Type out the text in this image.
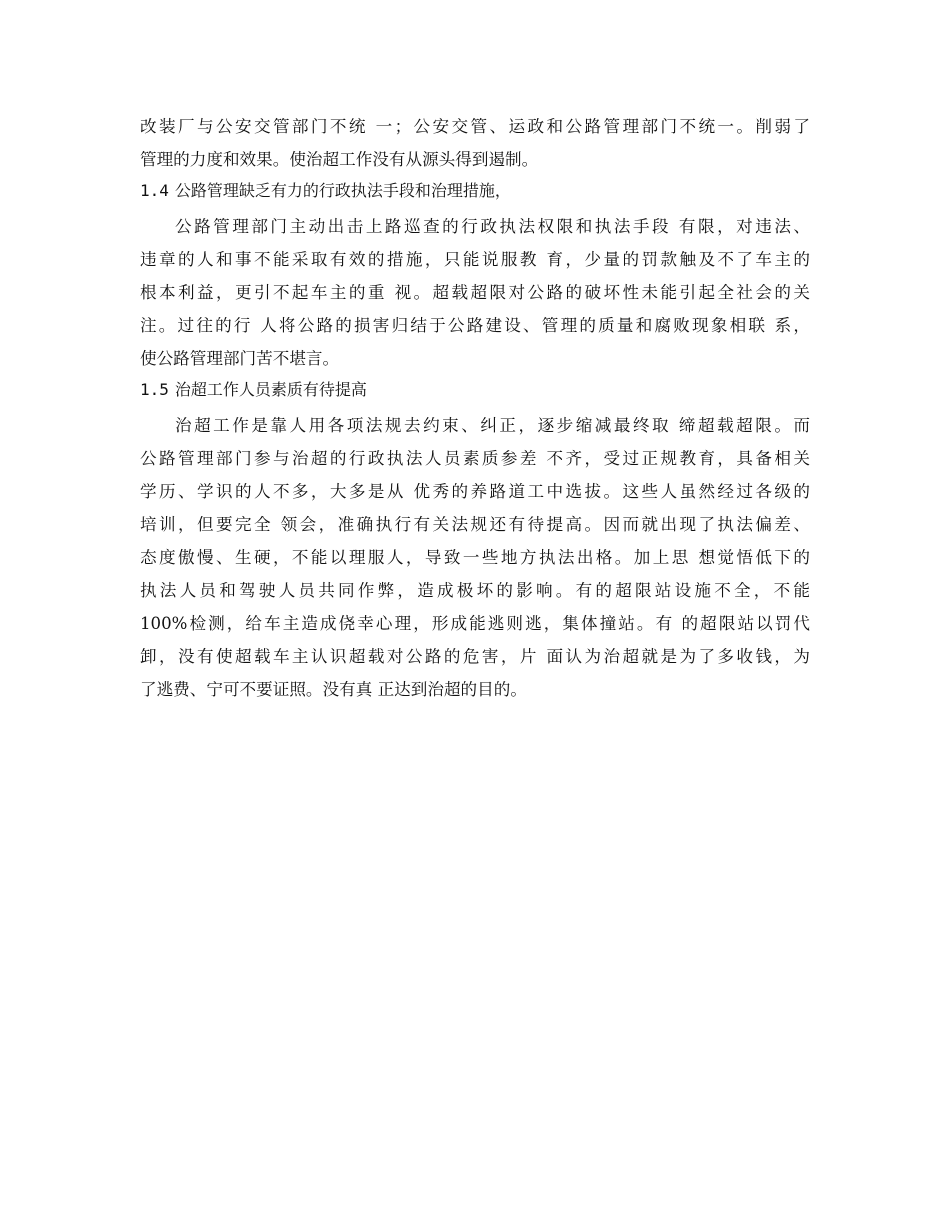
改装厂与公安交管部门不统 一；公安交管、运政和公路管理部门不统一。削弱了
管理的力度和效果。使治超工作没有从源头得到遏制。
1.4 公路管理缺乏有力的行政执法手段和治理措施，
公路管理部门主动出击上路巡查的行政执法权限和执法手段 有限，对违法、
违章的人和事不能采取有效的措施，只能说服教 育，少量的罚款触及不了车主的
根本利益，更引不起车主的重 视。超载超限对公路的破坏性未能引起全社会的关
注。过往的行 人将公路的损害归结于公路建设、管理的质量和腐败现象相联 系，
使公路管理部门苦不堪言。
1.5 治超工作人员素质有待提高
治超工作是靠人用各项法规去约束、纠正，逐步缩减最终取 缔超载超限。而
公路管理部门参与治超的行政执法人员素质参差 不齐，受过正规教育，具备相关
学历、学识的人不多，大多是从 优秀的养路道工中选拔。这些人虽然经过各级的
培训，但要完全 领会，准确执行有关法规还有待提高。因而就出现了执法偏差、
态度傲慢、生硬，不能以理服人，导致一些地方执法出格。加上思 想觉悟低下的
执法人员和驾驶人员共同作弊，造成极坏的影响。有的超限站设施不全，不能
100%检测，给车主造成侥幸心理，形成能逃则逃，集体撞站。有 的超限站以罚代
卸，没有使超载车主认识超载对公路的危害，片 面认为治超就是为了多收钱，为
了逃费、宁可不要证照。没有真 正达到治超的目的。
